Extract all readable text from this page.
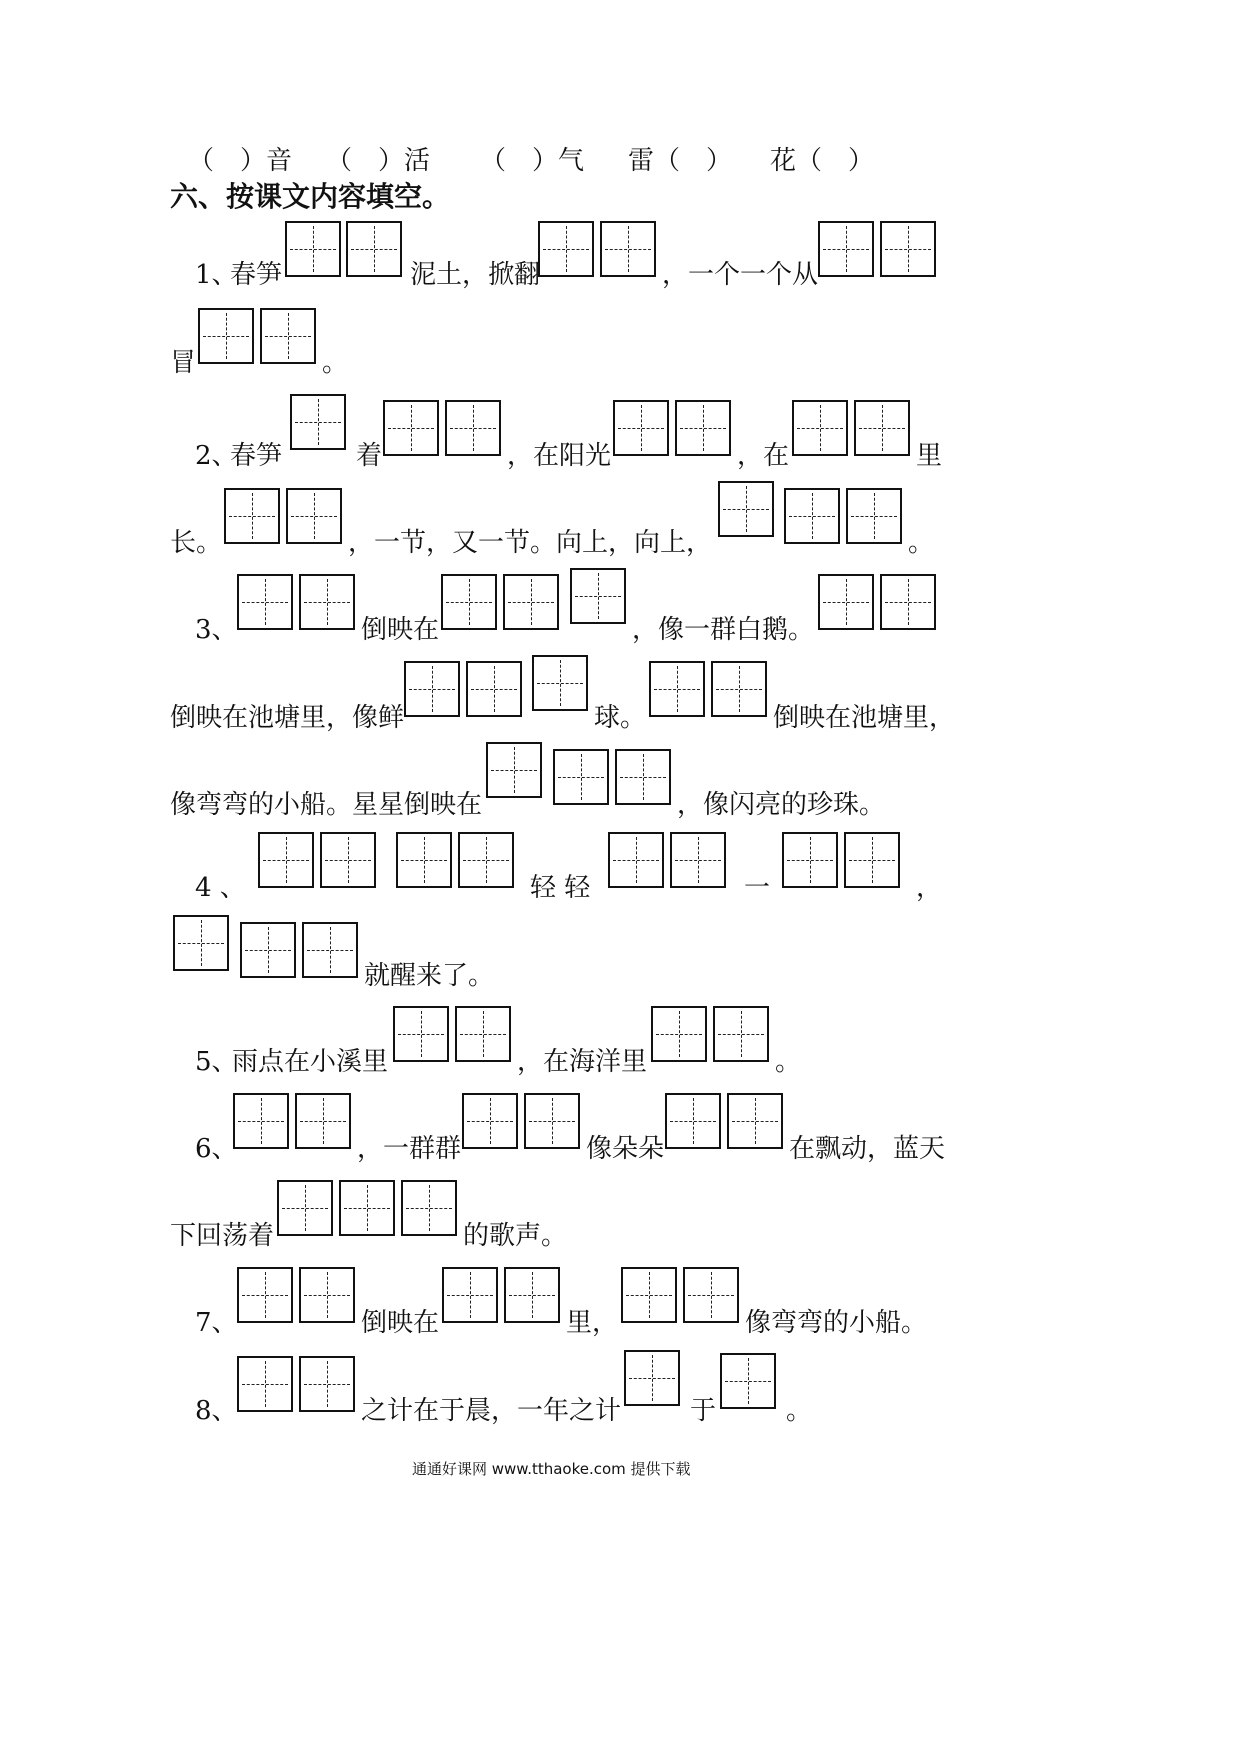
（　）音 （　）活 （　）气 雷（　） 花（　）
六、按课文内容填空。
1、
春笋	泥土，掀翻	，一个一个从
冒	。
2、
春笋	着	，在阳光	，在	里
长。	，一节，又一节。向上，向上，	。
3、	倒映在	，像一群白鹅。
倒映在池塘里，像鲜	球。	倒映在池塘里，
像弯弯的小船。星星倒映在	，像闪亮的珍珠。
4 、	轻 轻	一	，
就醒来了。
5、
雨点在小溪里	，在海洋里	。
6、	，一群群	像朵朵	在飘动，蓝天
下回荡着	的歌声。
7、	倒映在	里，	像弯弯的小船。
8、	之计在于晨，一年之计	于	。
通通好课网 www.tthaoke.com 提供下载
